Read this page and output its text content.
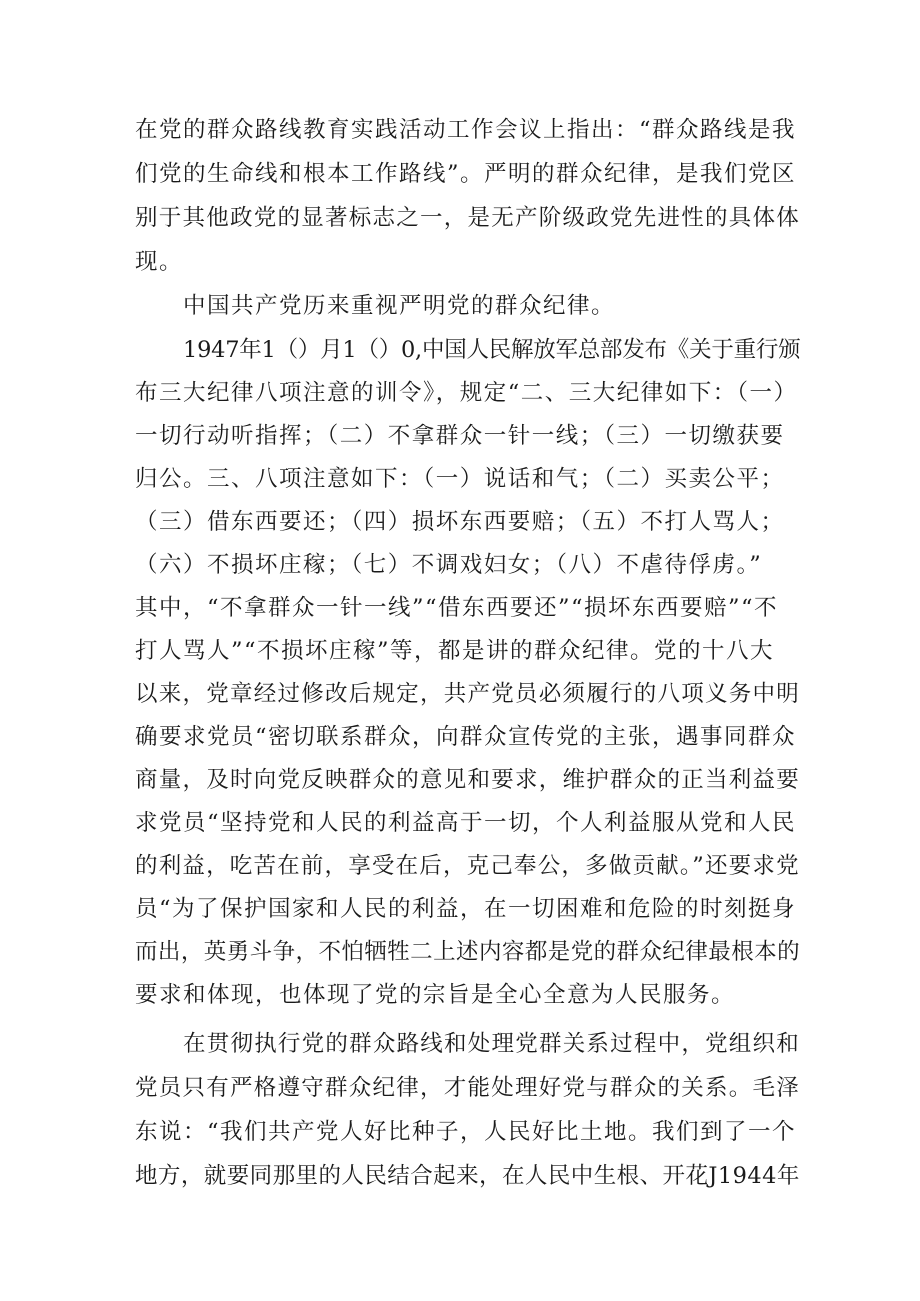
在党的群众路线教育实践活动工作会议上指出：“群众路线是我
们党的生命线和根本工作路线”。严明的群众纪律，是我们党区
别于其他政党的显著标志之一，是无产阶级政党先进性的具体体
现。
中国共产党历来重视严明党的群众纪律。
1947年1（）月1（）0,中国人民解放军总部发布《关于重行颁
布三大纪律八项注意的训令》，规定“二、三大纪律如下：（一）
一切行动听指挥；（二）不拿群众一针一线；（三）一切缴获要
归公。三、八项注意如下：（一）说话和气；（二）买卖公平；
（三）借东西要还；（四）损坏东西要赔；（五）不打人骂人；
（六）不损坏庄稼；（七）不调戏妇女；（八）不虐待俘虏。”
其中，“不拿群众一针一线”“借东西要还”“损坏东西要赔”“不
打人骂人”“不损坏庄稼”等，都是讲的群众纪律。党的十八大
以来，党章经过修改后规定，共产党员必须履行的八项义务中明
确要求党员“密切联系群众，向群众宣传党的主张，遇事同群众
商量，及时向党反映群众的意见和要求，维护群众的正当利益要
求党员“坚持党和人民的利益高于一切，个人利益服从党和人民
的利益，吃苦在前，享受在后，克己奉公，多做贡献。”还要求党
员“为了保护国家和人民的利益，在一切困难和危险的时刻挺身
而出，英勇斗争，不怕牺牲二上述内容都是党的群众纪律最根本的
要求和体现，也体现了党的宗旨是全心全意为人民服务。
在贯彻执行党的群众路线和处理党群关系过程中，党组织和
党员只有严格遵守群众纪律，才能处理好党与群众的关系。毛泽
东说：“我们共产党人好比种子，人民好比土地。我们到了一个
地方，就要同那里的人民结合起来，在人民中生根、开花J1944年
